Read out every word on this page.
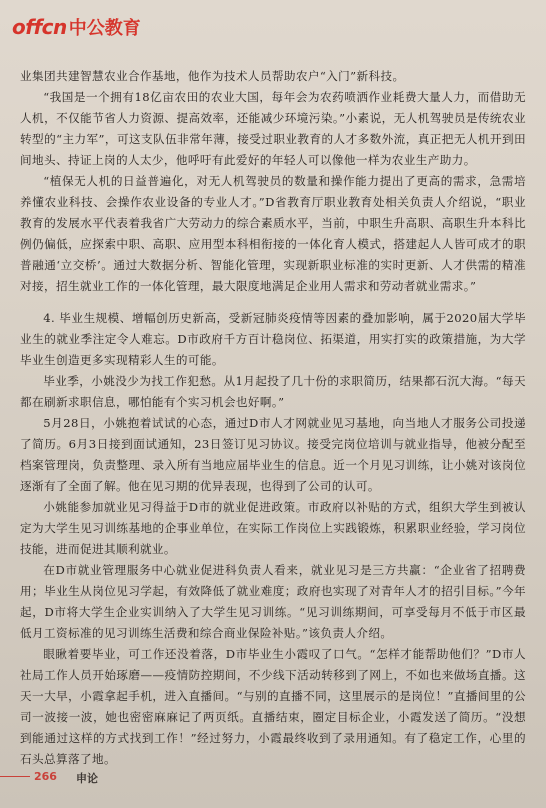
offcn 中公教育

业集团共建智慧农业合作基地，他作为技术人员帮助农户“入门”新科技。

“我国是一个拥有18亿亩农田的农业大国，每年会为农药喷洒作业耗费大量人力，而借助无人机，不仅能节省人力资源、提高效率，还能减少环境污染。”小素说，无人机驾驶员是传统农业转型的“主力军”，可这支队伍非常年薄，接受过职业教育的人才多数外流，真正把无人机开到田间地头、持证上岗的人太少，他呼吁有此爱好的年轻人可以像他一样为农业生产助力。

“植保无人机的日益普遍化，对无人机驾驶员的数量和操作能力提出了更高的需求，急需培养懂农业科技、会操作农业设备的专业人才。”D省教育厅职业教育处相关负责人介绍说，“职业教育的发展水平代表着我省广大劳动力的综合素质水平，当前，中职生升高职、高职生升本科比例仍偏低，应探索中职、高职、应用型本科相衔接的一体化育人模式，搭建起人人皆可成才的职普融通‘立交桥’。通过大数据分析、智能化管理，实现新职业标准的实时更新、人才供需的精准对接，招生就业工作的一体化管理，最大限度地满足企业用人需求和劳动者就业需求。”

4. 毕业生规模、增幅创历史新高，受新冠肺炎疫情等因素的叠加影响，属于2020届大学毕业生的就业季注定令人难忘。D市政府千方百计稳岗位、拓渠道，用实打实的政策措施，为大学毕业生创造更多实现精彩人生的可能。

毕业季，小姚没少为找工作犯愁。从1月起投了几十份的求职简历，结果都石沉大海。“每天都在刷新求职信息，哪怕能有个实习机会也好啊。”

5月28日，小姚抱着试试的心态，通过D市人才网就业见习基地，向当地人才服务公司投递了简历。6月3日接到面试通知，23日签订见习协议。接受完岗位培训与就业指导，他被分配至档案管理岗，负责整理、录入所有当地应届毕业生的信息。近一个月见习训练，让小姚对该岗位逐渐有了全面了解。他在见习期的优异表现，也得到了公司的认可。

小姚能参加就业见习得益于D市的就业促进政策。市政府以补贴的方式，组织大学生到被认定为大学生见习训练基地的企事业单位，在实际工作岗位上实践锻炼，积累职业经验，学习岗位技能，进而促进其顺利就业。

在D市就业管理服务中心就业促进科负责人看来，就业见习是三方共赢：“企业省了招聘费用；毕业生从岗位见习学起，有效降低了就业难度；政府也实现了对青年人才的招引目标。”今年起，D市将大学生企业实训纳入了大学生见习训练。“见习训练期间，可享受每月不低于市区最低月工资标准的见习训练生活费和综合商业保险补贴。”该负责人介绍。

眼瞅着要毕业，可工作还没着落，D市毕业生小霞叹了口气。“怎样才能帮助他们？”D市人社局工作人员开始琢磨——疫情防控期间，不少线下活动转移到了网上，不如也来做场直播。这天一大早，小霞拿起手机，进入直播间。“与别的直播不同，这里展示的是岗位！”直播间里的公司一波接一波，她也密密麻麻记了两页纸。直播结束，圈定目标企业，小霞发送了简历。“没想到能通过这样的方式找到工作！”经过努力，小霞最终收到了录用通知。有了稳定工作，心里的石头总算落了地。

266 申论
